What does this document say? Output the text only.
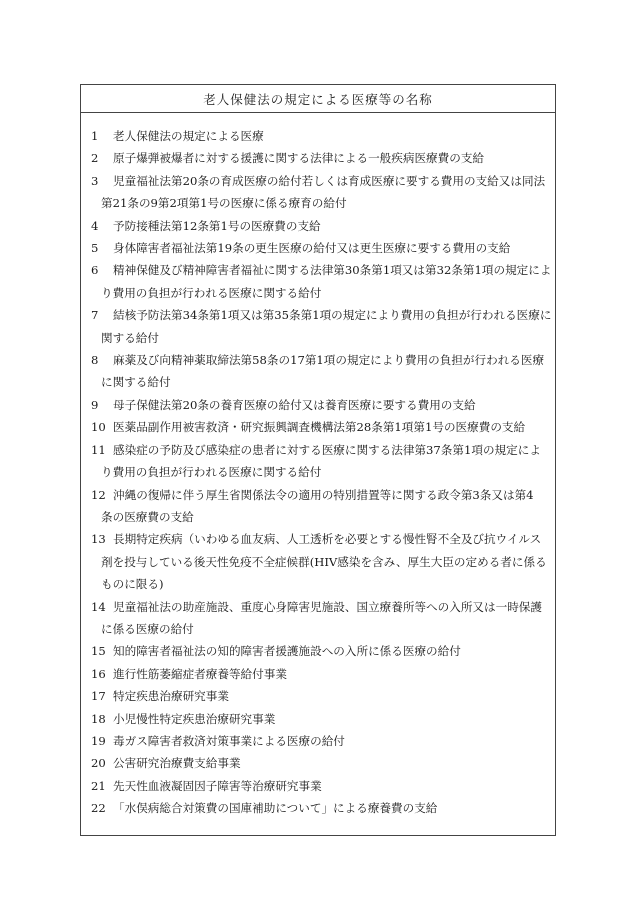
老人保健法の規定による医療等の名称
1 老人保健法の規定による医療
2 原子爆弾被爆者に対する援護に関する法律による一般疾病医療費の支給
3 児童福祉法第20条の育成医療の給付若しくは育成医療に要する費用の支給又は同法
第21条の9第2項第1号の医療に係る療育の給付
4 予防接種法第12条第1号の医療費の支給
5 身体障害者福祉法第19条の更生医療の給付又は更生医療に要する費用の支給
6 精神保健及び精神障害者福祉に関する法律第30条第1項又は第32条第1項の規定によ
り費用の負担が行われる医療に関する給付
7 結核予防法第34条第1項又は第35条第1項の規定により費用の負担が行われる医療に
関する給付
8 麻薬及び向精神薬取締法第58条の17第1項の規定により費用の負担が行われる医療
に関する給付
9 母子保健法第20条の養育医療の給付又は養育医療に要する費用の支給
10 医薬品副作用被害救済・研究振興調査機構法第28条第1項第1号の医療費の支給
11 感染症の予防及び感染症の患者に対する医療に関する法律第37条第1項の規定によ
り費用の負担が行われる医療に関する給付
12 沖縄の復帰に伴う厚生省関係法令の適用の特別措置等に関する政令第3条又は第4
条の医療費の支給
13 長期特定疾病（いわゆる血友病、人工透析を必要とする慢性腎不全及び抗ウイルス
剤を投与している後天性免疫不全症候群(HIV感染を含み、厚生大臣の定める者に係る
ものに限る)
14 児童福祉法の助産施設、重度心身障害児施設、国立療養所等への入所又は一時保護
に係る医療の給付
15 知的障害者福祉法の知的障害者援護施設への入所に係る医療の給付
16 進行性筋萎縮症者療養等給付事業
17 特定疾患治療研究事業
18 小児慢性特定疾患治療研究事業
19 毒ガス障害者救済対策事業による医療の給付
20 公害研究治療費支給事業
21 先天性血液凝固因子障害等治療研究事業
22 「水俣病総合対策費の国庫補助について」による療養費の支給
